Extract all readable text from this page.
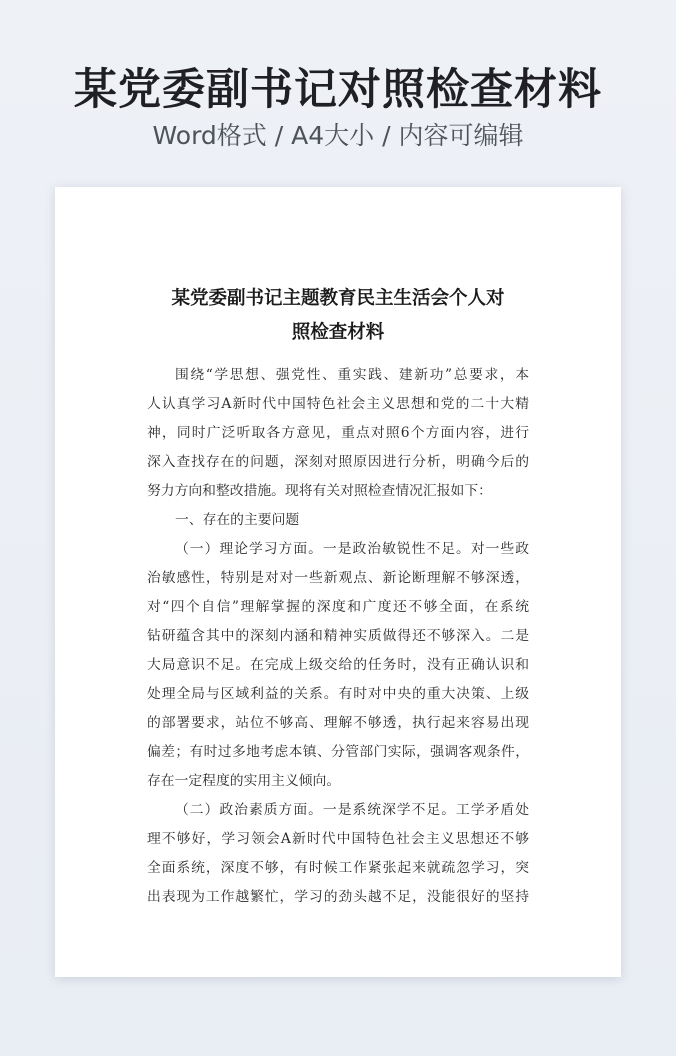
某党委副书记对照检查材料
Word格式 / A4大小 / 内容可编辑
某党委副书记主题教育民主生活会个人对
照检查材料
围绕“学思想、强党性、重实践、建新功”总要求，本
人认真学习A新时代中国特色社会主义思想和党的二十大精
神，同时广泛听取各方意见，重点对照6个方面内容，进行
深入查找存在的问题，深刻对照原因进行分析，明确今后的
努力方向和整改措施。现将有关对照检查情况汇报如下：
一、存在的主要问题
（一）理论学习方面。一是政治敏锐性不足。对一些政
治敏感性，特别是对对一些新观点、新论断理解不够深透，
对“四个自信”理解掌握的深度和广度还不够全面，在系统
钻研蕴含其中的深刻内涵和精神实质做得还不够深入。二是
大局意识不足。在完成上级交给的任务时，没有正确认识和
处理全局与区域利益的关系。有时对中央的重大决策、上级
的部署要求，站位不够高、理解不够透，执行起来容易出现
偏差；有时过多地考虑本镇、分管部门实际，强调客观条件，
存在一定程度的实用主义倾向。
（二）政治素质方面。一是系统深学不足。工学矛盾处
理不够好，学习领会A新时代中国特色社会主义思想还不够
全面系统，深度不够，有时候工作紧张起来就疏忽学习，突
出表现为工作越繁忙，学习的劲头越不足，没能很好的坚持
